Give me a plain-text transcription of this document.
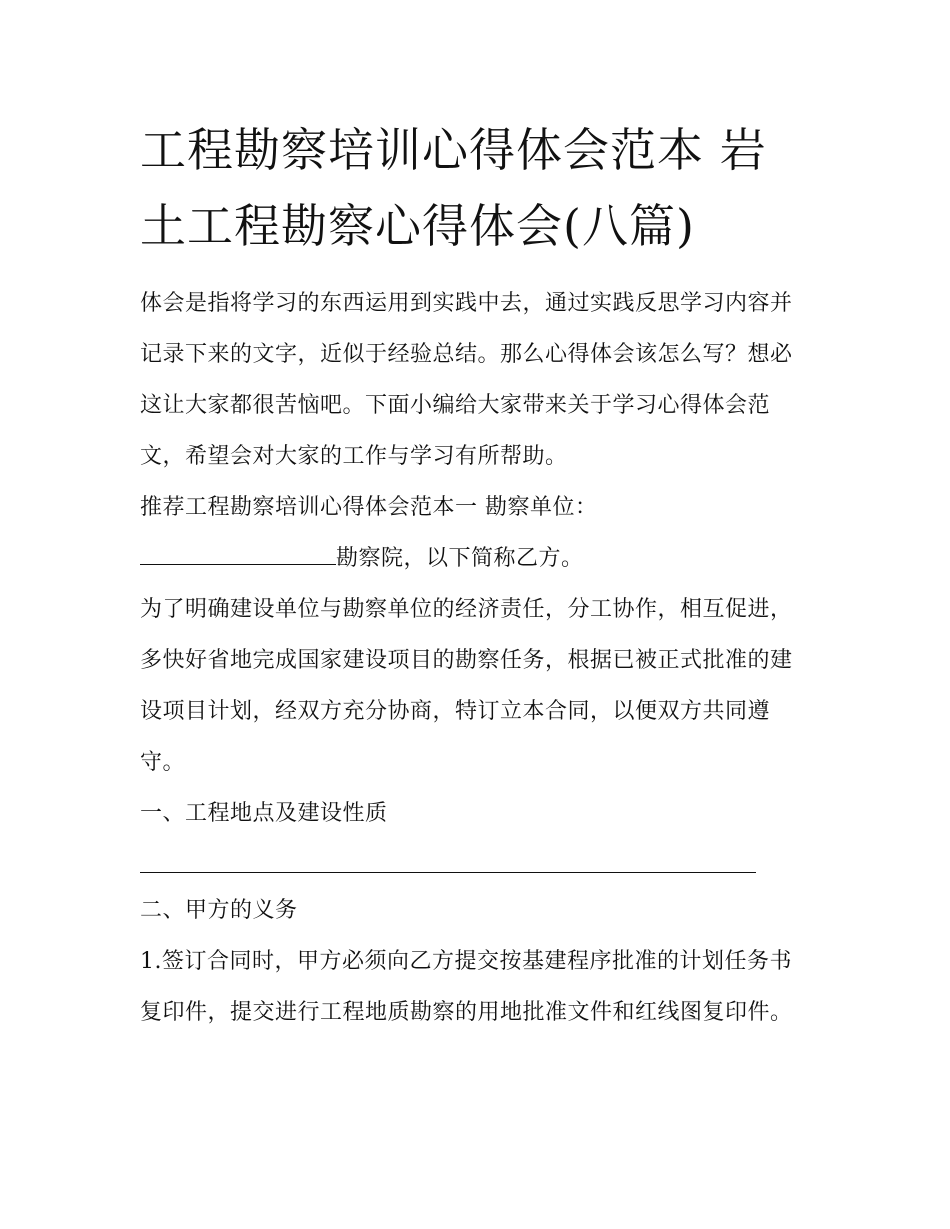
工程勘察培训心得体会范本 岩土工程勘察心得体会(八篇)

体会是指将学习的东西运用到实践中去，通过实践反思学习内容并记录下来的文字，近似于经验总结。那么心得体会该怎么写？想必这让大家都很苦恼吧。下面小编给大家带来关于学习心得体会范文，希望会对大家的工作与学习有所帮助。

推荐工程勘察培训心得体会范本一 勘察单位：

勘察院，以下简称乙方。

为了明确建设单位与勘察单位的经济责任，分工协作，相互促进，多快好省地完成国家建设项目的勘察任务，根据已被正式批准的建设项目计划，经双方充分协商，特订立本合同，以便双方共同遵守。

一、工程地点及建设性质

二、甲方的义务

1.签订合同时，甲方必须向乙方提交按基建程序批准的计划任务书复印件，提交进行工程地质勘察的用地批准文件和红线图复印件。
